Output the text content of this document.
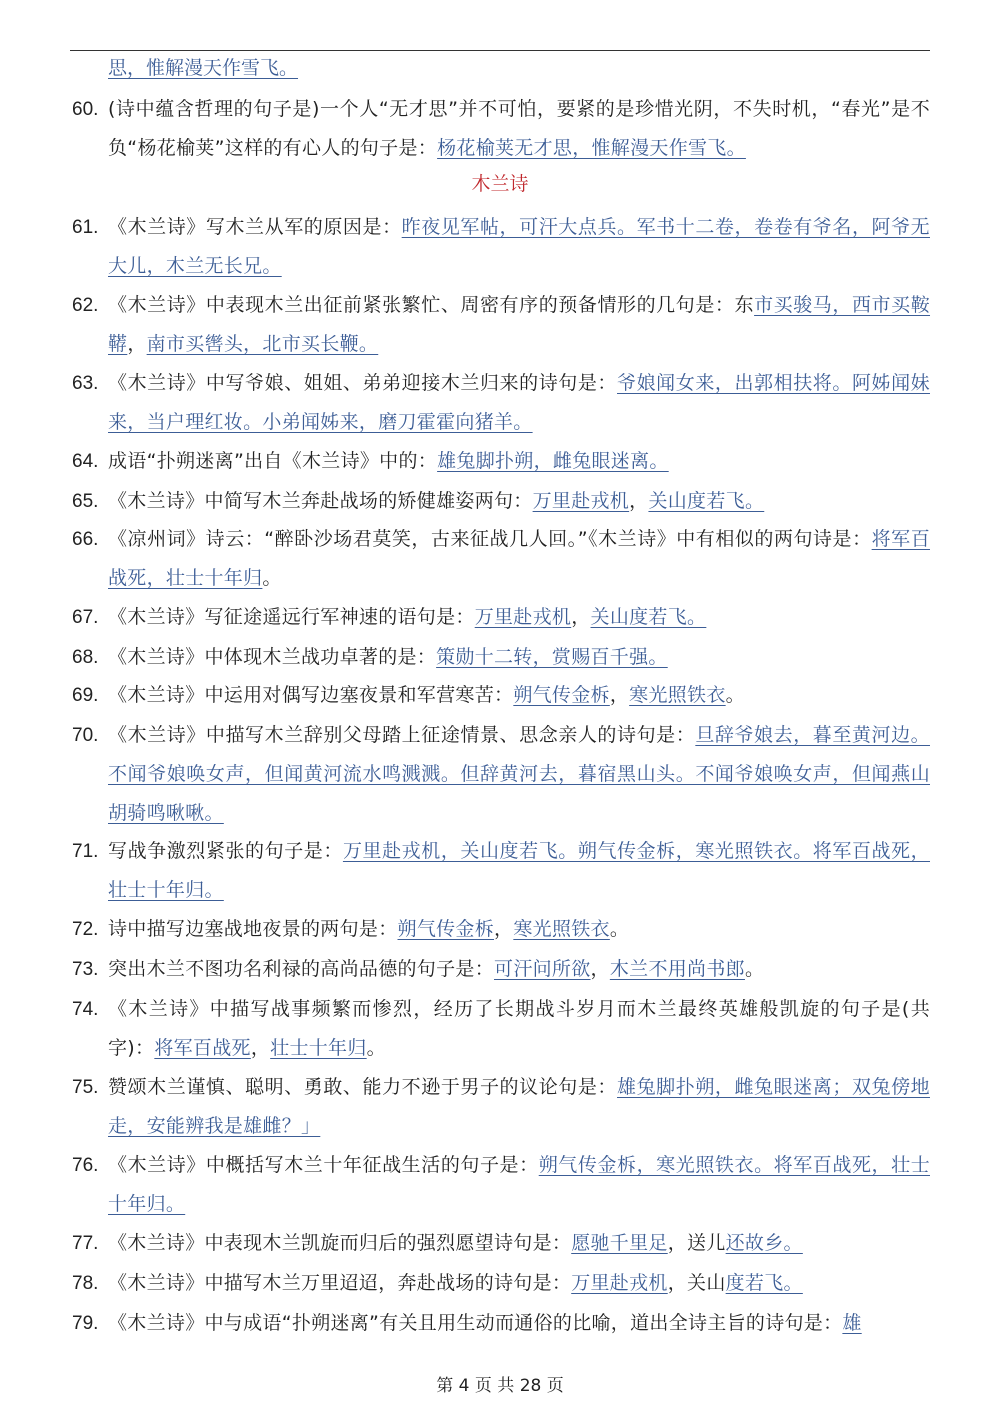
思，惟解漫天作雪飞。
木兰诗
60. (诗中蕴含哲理的句子是)一个人“无才思”并不可怕，要紧的是珍惜光阴，不失时机，“春光”是不负“杨花榆荚”这样的有心人的句子是：杨花榆荚无才思，惟解漫天作雪飞。
61. 《木兰诗》写木兰从军的原因是：昨夜见军帖，可汗大点兵。军书十二卷，卷卷有爷名，阿爷无大儿，木兰无长兄。
62. 《木兰诗》中表现木兰出征前紧张繁忙、周密有序的预备情形的几句是：东市买骏马，西市买鞍鞯，南市买辔头，北市买长鞭。
63. 《木兰诗》中写爷娘、姐姐、弟弟迎接木兰归来的诗句是：爷娘闻女来，出郭相扶将。阿姊闻妹来，当户理红妆。小弟闻姊来，磨刀霍霍向猪羊。
64. 成语“扑朔迷离”出自《木兰诗》中的：雄兔脚扑朔，雌兔眼迷离。
65. 《木兰诗》中简写木兰奔赴战场的矫健雄姿两句：万里赴戎机，关山度若飞。
66. 《凉州词》诗云：“醉卧沙场君莫笑，古来征战几人回。”《木兰诗》中有相似的两句诗是：将军百战死，壮士十年归。
67. 《木兰诗》写征途遥远行军神速的语句是：万里赴戎机，关山度若飞。
68. 《木兰诗》中体现木兰战功卓著的是：策勋十二转，赏赐百千强。
69. 《木兰诗》中运用对偶写边塞夜景和军营寒苦：朔气传金柝，寒光照铁衣。
70. 《木兰诗》中描写木兰辞别父母踏上征途情景、思念亲人的诗句是：旦辞爷娘去，暮至黄河边。不闻爷娘唤女声，但闻黄河流水鸣溅溅。但辞黄河去，暮宿黑山头。不闻爷娘唤女声，但闻燕山胡骑鸣啾啾。
71. 写战争激烈紧张的句子是：万里赴戎机，关山度若飞。朔气传金柝，寒光照铁衣。将军百战死，壮士十年归。
72. 诗中描写边塞战地夜景的两句是：朔气传金柝，寒光照铁衣。
73. 突出木兰不图功名利禄的高尚品德的句子是：可汗问所欲，木兰不用尚书郎。
74. 《木兰诗》中描写战事频繁而惨烈，经历了长期战斗岁月而木兰最终英雄般凯旋的句子是(共字)：将军百战死，壮士十年归。
75. 赞颂木兰谨慎、聪明、勇敢、能力不逊于男子的议论句是：雄兔脚扑朔，雌兔眼迷离；双兔傍地走，安能辨我是雄雌？」
76. 《木兰诗》中概括写木兰十年征战生活的句子是：朔气传金柝，寒光照铁衣。将军百战死，壮士十年归。
77. 《木兰诗》中表现木兰凯旋而归后的强烈愿望诗句是：愿驰千里足，送儿还故乡。
78. 《木兰诗》中描写木兰万里迢迢，奔赴战场的诗句是：万里赴戎机，关山度若飞。
79. 《木兰诗》中与成语“扑朔迷离”有关且用生动而通俗的比喻，道出全诗主旨的诗句是：雄
第 4 页 共 28 页
